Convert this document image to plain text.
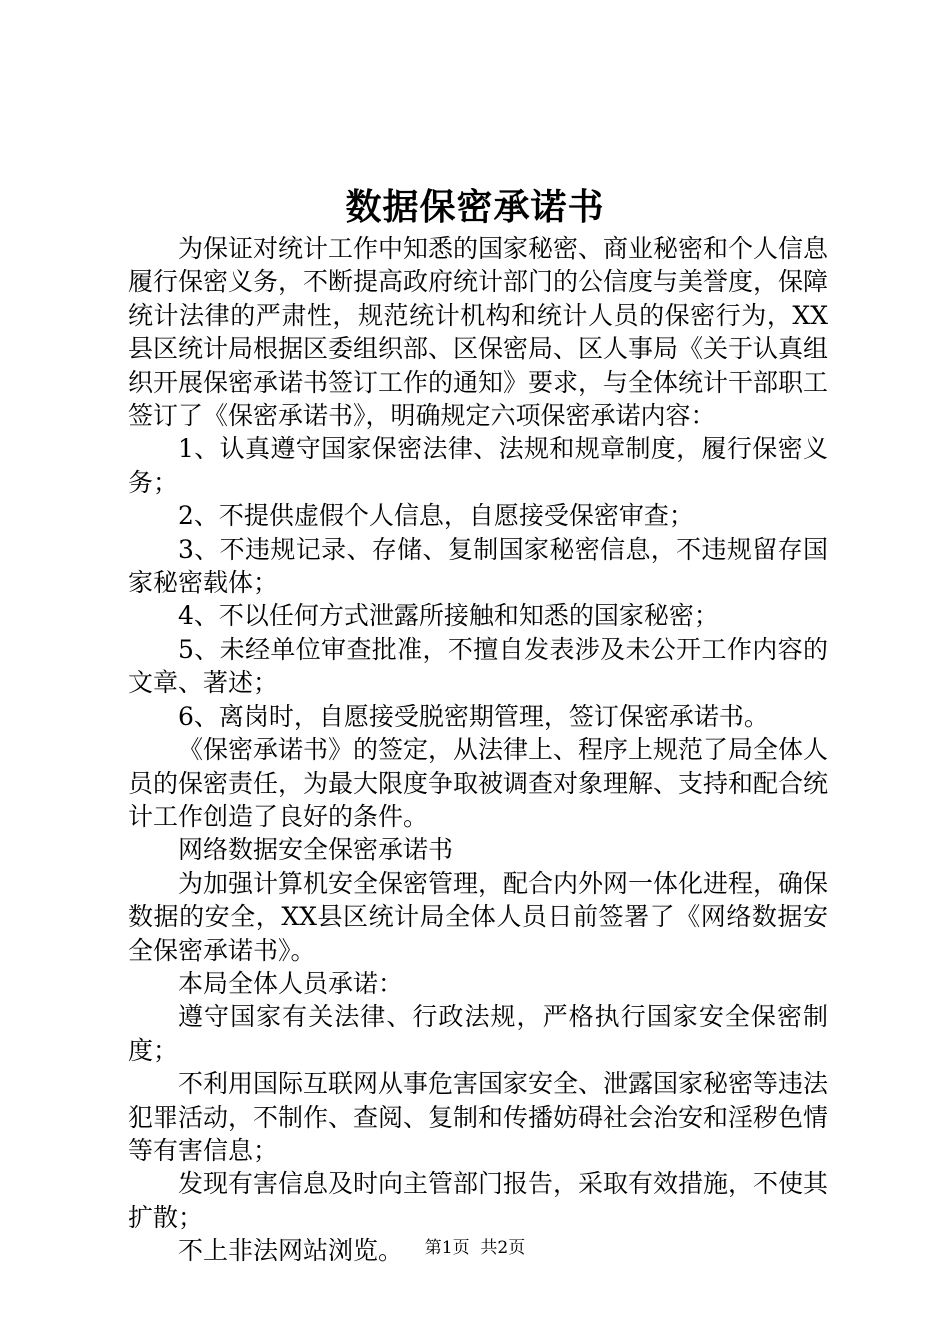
数据保密承诺书

为保证对统计工作中知悉的国家秘密、商业秘密和个人信息履行保密义务，不断提高政府统计部门的公信度与美誉度，保障统计法律的严肃性，规范统计机构和统计人员的保密行为，XX县区统计局根据区委组织部、区保密局、区人事局《关于认真组织开展保密承诺书签订工作的通知》要求，与全体统计干部职工签订了《保密承诺书》，明确规定六项保密承诺内容：

1、认真遵守国家保密法律、法规和规章制度，履行保密义务；

2、不提供虚假个人信息，自愿接受保密审查；

3、不违规记录、存储、复制国家秘密信息，不违规留存国家秘密载体；

4、不以任何方式泄露所接触和知悉的国家秘密；

5、未经单位审查批准，不擅自发表涉及未公开工作内容的文章、著述；

6、离岗时，自愿接受脱密期管理，签订保密承诺书。

《保密承诺书》的签定，从法律上、程序上规范了局全体人员的保密责任，为最大限度争取被调查对象理解、支持和配合统计工作创造了良好的条件。

网络数据安全保密承诺书

为加强计算机安全保密管理，配合内外网一体化进程，确保数据的安全，XX县区统计局全体人员日前签署了《网络数据安全保密承诺书》。

本局全体人员承诺：

遵守国家有关法律、行政法规，严格执行国家安全保密制度；

不利用国际互联网从事危害国家安全、泄露国家秘密等违法犯罪活动，不制作、查阅、复制和传播妨碍社会治安和淫秽色情等有害信息；

发现有害信息及时向主管部门报告，采取有效措施，不使其扩散；

不上非法网站浏览。	第1页  共2页
